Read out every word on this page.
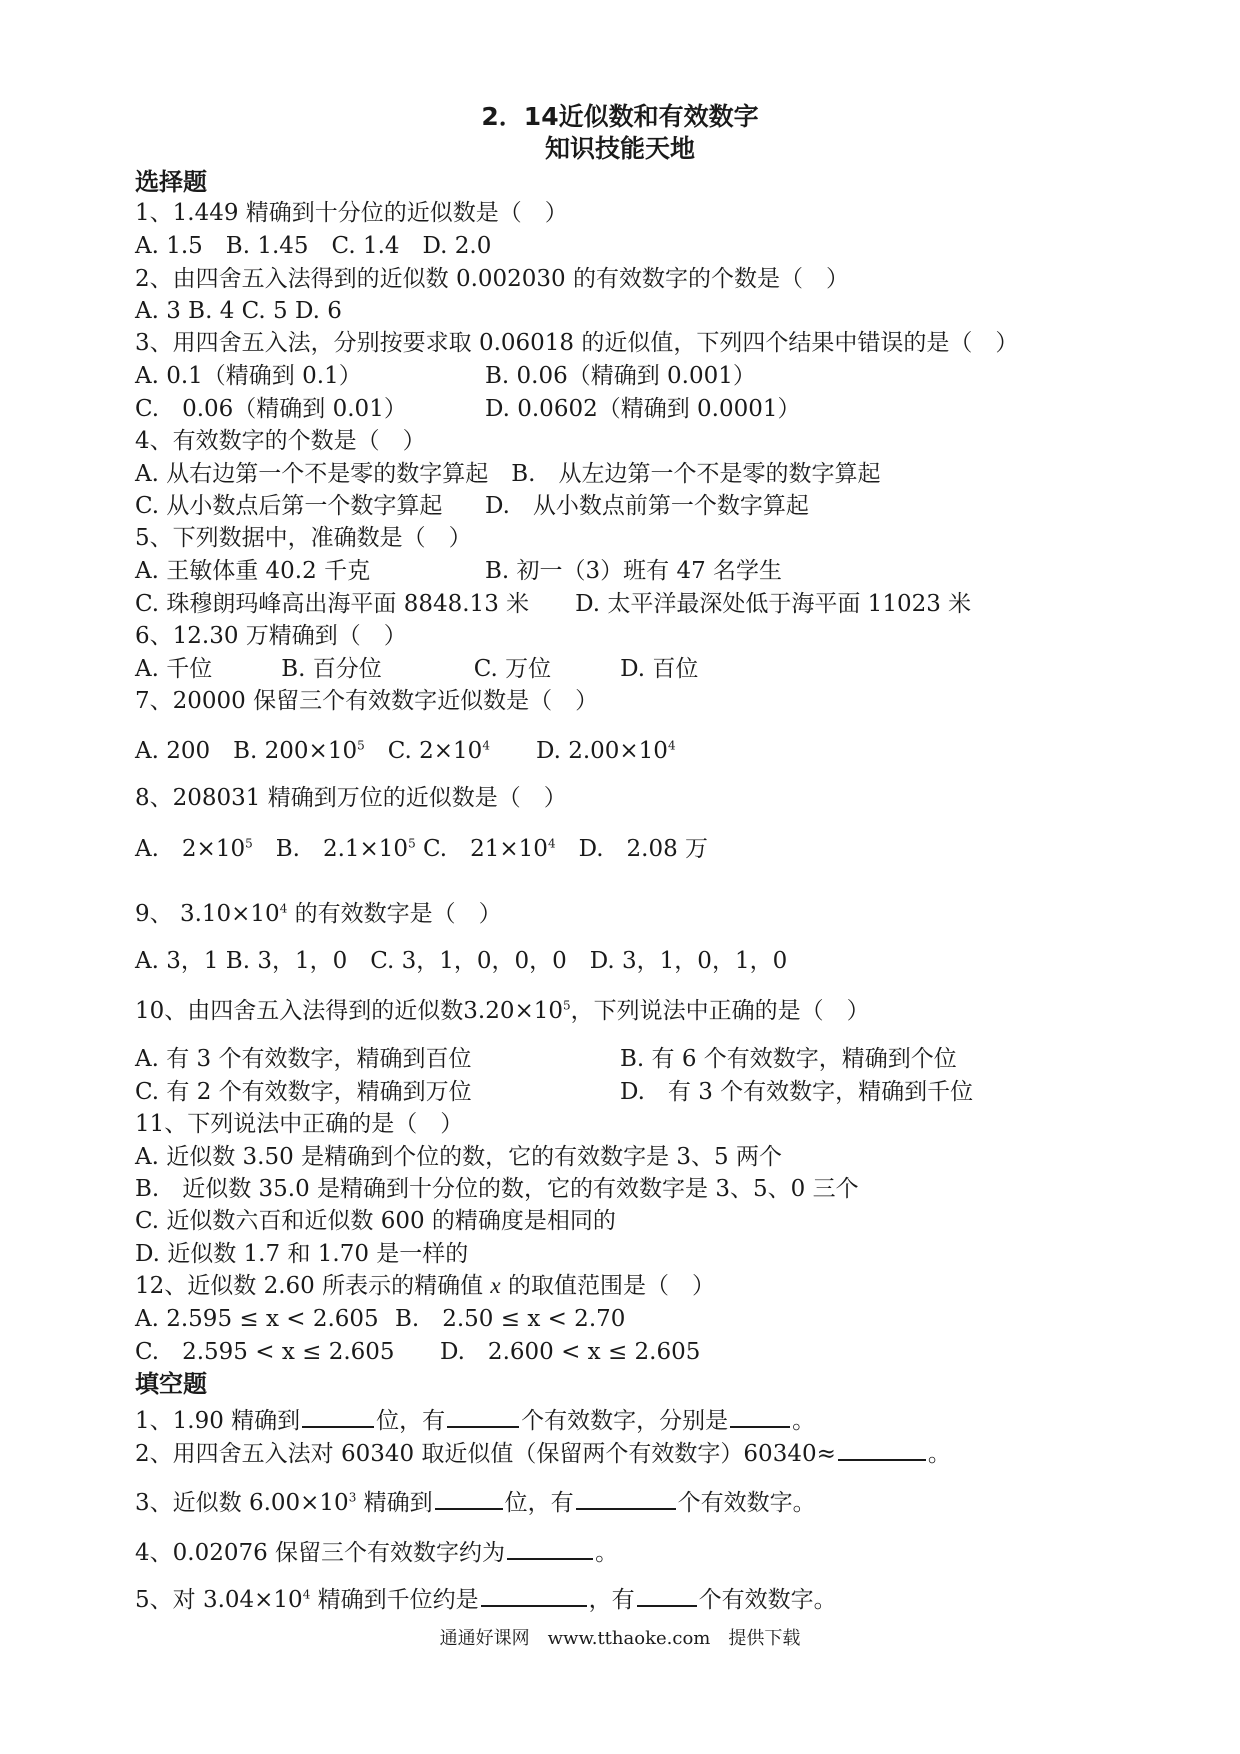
2．14近似数和有效数字
知识技能天地
选择题
1、1.449 精确到十分位的近似数是（　）
A. 1.5　B. 1.45　C. 1.4　D. 2.0
2、由四舍五入法得到的近似数 0.002030 的有效数字的个数是（　）
A. 3 B. 4 C. 5 D. 6
3、用四舍五入法，分别按要求取 0.06018 的近似值，下列四个结果中错误的是（　）
A. 0.1（精确到 0.1）	B. 0.06（精确到 0.001）
C.　0.06（精确到 0.01）	D. 0.0602（精确到 0.0001）
4、有效数字的个数是（　）
A. 从右边第一个不是零的数字算起　B.　从左边第一个不是零的数字算起
C. 从小数点后第一个数字算起 D.　从小数点前第一个数字算起
5、下列数据中，准确数是（　）
A. 王敏体重 40.2 千克	B. 初一（3）班有 47 名学生
C. 珠穆朗玛峰高出海平面 8848.13 米　　D. 太平洋最深处低于海平面 11023 米
6、12.30 万精确到（　）
A. 千位　　　B. 百分位　　　　C. 万位　　　D. 百位
7、20000 保留三个有效数字近似数是（　）
A. 200　B. $200\times 10^5$　C. $2\times 10^4$　　D. $2.00\times 10^4$
8、208031 精确到万位的近似数是（　）
A.　$2\times 10^5$　B.　$2.1\times 10^5$ C.　$21\times 10^4$　D.　2.08 万
9、 $3.10\times 10^4$ 的有效数字是（　）
A. 3，1 B. 3，1，0　C. 3，1，0，0，0　D. 3，1，0，1，0
10、由四舍五入法得到的近似数$3.20\times 10^5$，下列说法中正确的是（　）
A. 有 3 个有效数字，精确到百位	B. 有 6 个有效数字，精确到个位
C. 有 2 个有效数字，精确到万位	D.　有 3 个有效数字，精确到千位
11、下列说法中正确的是（　）
A. 近似数 3.50 是精确到个位的数，它的有效数字是 3、5 两个
B.　近似数 35.0 是精确到十分位的数，它的有效数字是 3、5、0 三个
C. 近似数六百和近似数 600 的精确度是相同的
D. 近似数 1.7 和 1.70 是一样的
12、近似数 2.60 所表示的精确值 x 的取值范围是（　）
A. 2.595 ≤ x < 2.605 B.　2.50 ≤ x < 2.70
C.　2.595 < x ≤ 2.605 D.　2.600 < x ≤ 2.605
填空题
1、1.90 精确到	位，有	个有效数字，分别是	。
2、用四舍五入法对 60340 取近似值（保留两个有效数字）60340≈	。
3、近似数 $6.00\times 10^3$ 精确到	位，有	个有效数字。
4、0.02076 保留三个有效数字约为	。
5、对 $3.04\times 10^4$ 精确到千位约是	，有	个有效数字。
通通好课网　www.tthaoke.com　提供下载
